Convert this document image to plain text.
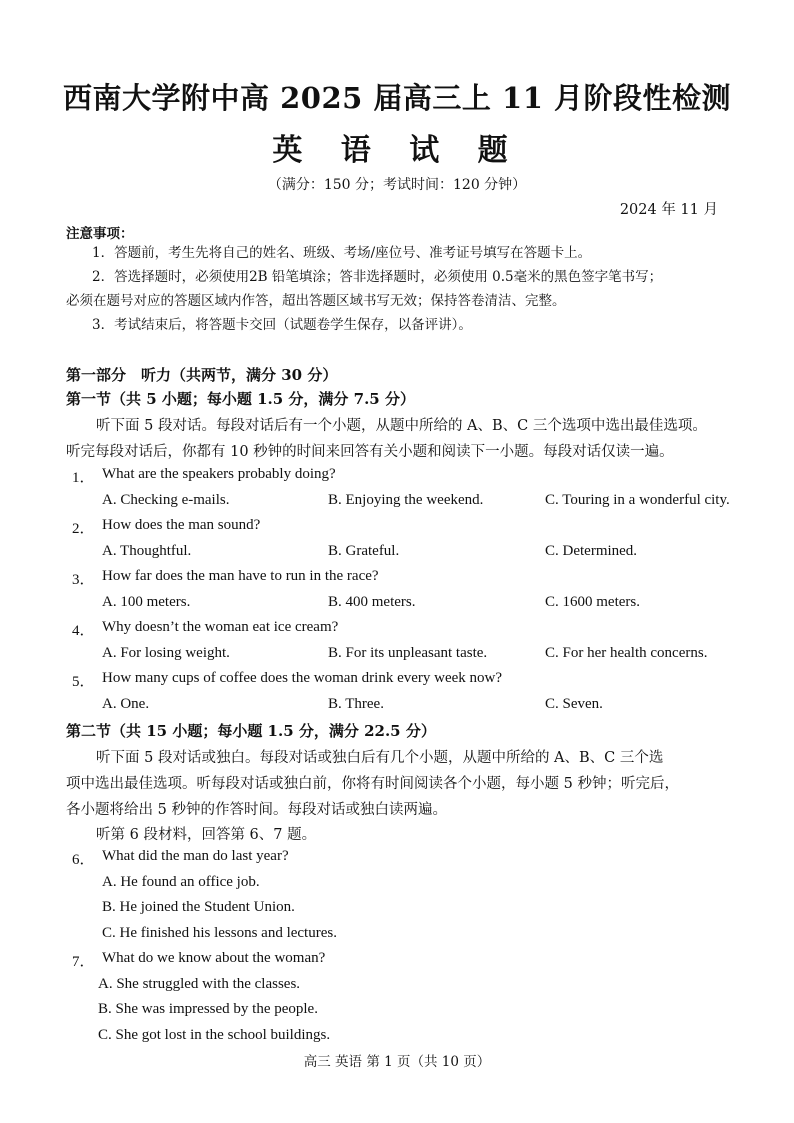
西南大学附中高 2025 届高三上 11 月阶段性检测
英 语 试 题
（满分：150 分；考试时间：120 分钟）
2024 年 11 月
注意事项：
1．答题前，考生先将自己的姓名、班级、考场/座位号、准考证号填写在答题卡上。
2．答选择题时，必须使用2B 铅笔填涂；答非选择题时，必须使用 0.5毫米的黑色签字笔书写；
必须在题号对应的答题区域内作答，超出答题区域书写无效；保持答卷清洁、完整。
3．考试结束后，将答题卡交回（试题卷学生保存，以备评讲）。
第一部分　听力（共两节，满分 30 分）
第一节（共 5 小题；每小题 1.5 分，满分 7.5 分）
听下面 5 段对话。每段对话后有一个小题，从题中所给的 A、B、C 三个选项中选出最佳选项。
听完每段对话后，你都有 10 秒钟的时间来回答有关小题和阅读下一小题。每段对话仅读一遍。
1． What are the speakers probably doing?
A. Checking e-mails.	B. Enjoying the weekend.	C. Touring in a wonderful city.
2． How does the man sound?
A. Thoughtful.	B. Grateful.	C. Determined.
3． How far does the man have to run in the race?
A. 100 meters.	B. 400 meters.	C. 1600 meters.
4． Why doesn’t the woman eat ice cream?
A. For losing weight.	B. For its unpleasant taste.	C. For her health concerns.
5． How many cups of coffee does the woman drink every week now?
A. One.	B. Three.	C. Seven.
第二节（共 15 小题；每小题 1.5 分，满分 22.5 分）
听下面 5 段对话或独白。每段对话或独白后有几个小题，从题中所给的 A、B、C 三个选
项中选出最佳选项。听每段对话或独白前，你将有时间阅读各个小题，每小题 5 秒钟；听完后，
各小题将给出 5 秒钟的作答时间。每段对话或独白读两遍。
听第 6 段材料，回答第 6、7 题。
6． What did the man do last year?
A. He found an office job.
B. He joined the Student Union.
C. He finished his lessons and lectures.
7． What do we know about the woman?
A. She struggled with the classes.
B. She was impressed by the people.
C. She got lost in the school buildings.
高三 英语 第 1 页（共 10 页）
